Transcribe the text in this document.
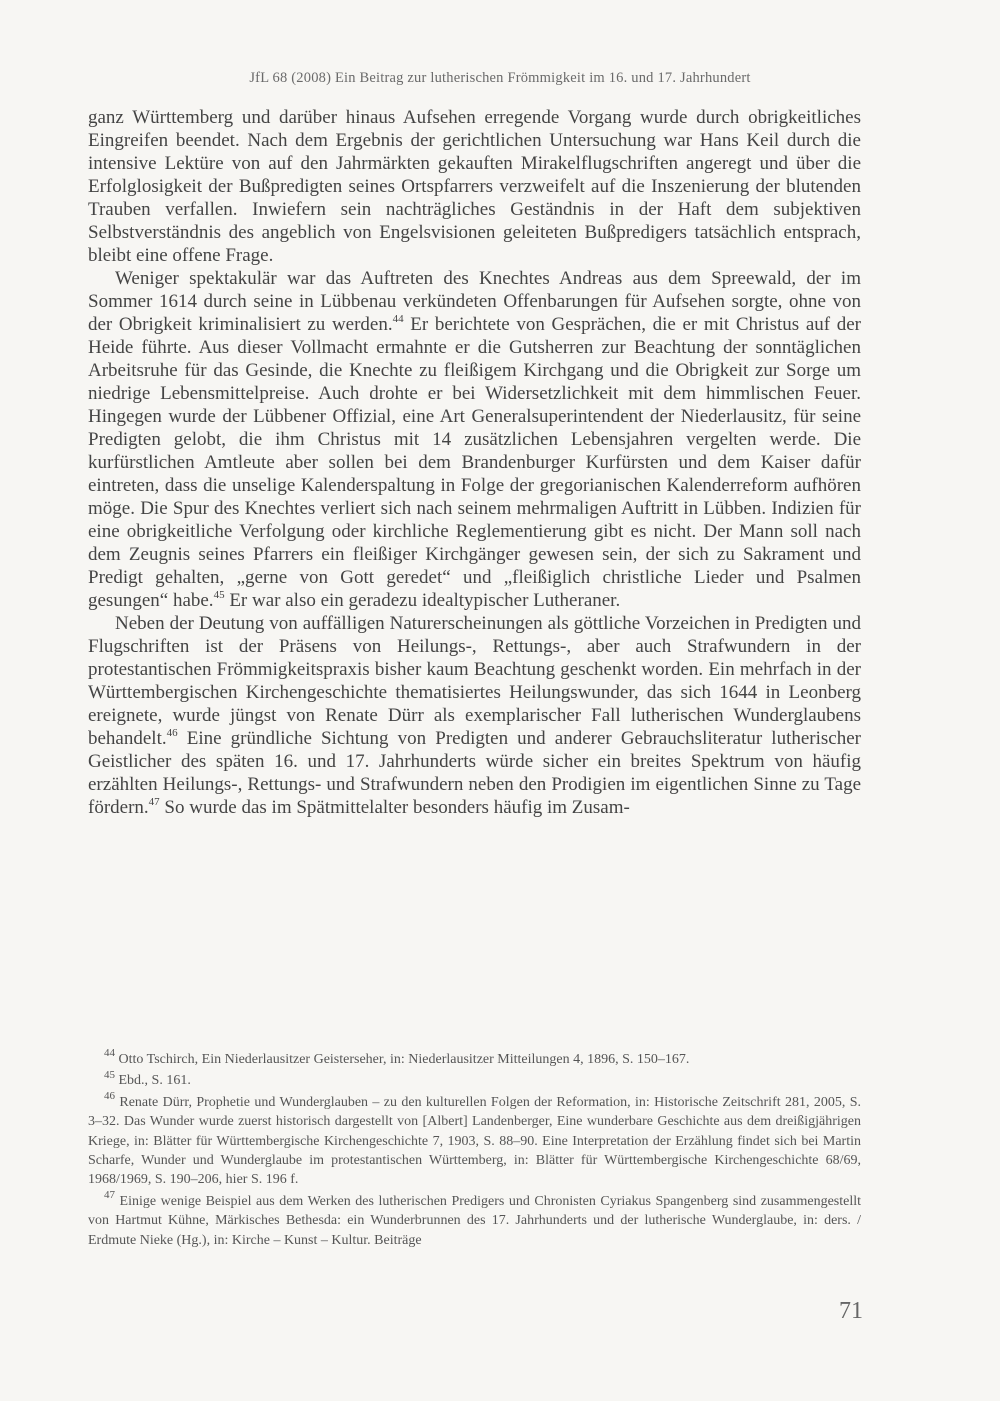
JfL 68 (2008) Ein Beitrag zur lutherischen Frömmigkeit im 16. und 17. Jahrhundert

ganz Württemberg und darüber hinaus Aufsehen erregende Vorgang wurde durch obrigkeitliches Eingreifen beendet. Nach dem Ergebnis der gerichtlichen Untersuchung war Hans Keil durch die intensive Lektüre von auf den Jahrmärkten gekauften Mirakelflugschriften angeregt und über die Erfolglosigkeit der Bußpredigten seines Ortspfarrers verzweifelt auf die Inszenierung der blutenden Trauben verfallen. Inwiefern sein nachträgliches Geständnis in der Haft dem subjektiven Selbstverständnis des angeblich von Engelsvisionen geleiteten Bußpredigers tatsächlich entsprach, bleibt eine offene Frage.

Weniger spektakulär war das Auftreten des Knechtes Andreas aus dem Spreewald, der im Sommer 1614 durch seine in Lübbenau verkündeten Offenbarungen für Aufsehen sorgte, ohne von der Obrigkeit kriminalisiert zu werden.$^{44}$ Er berichtete von Gesprächen, die er mit Christus auf der Heide führte. Aus dieser Vollmacht ermahnte er die Gutsherren zur Beachtung der sonntäglichen Arbeitsruhe für das Gesinde, die Knechte zu fleißigem Kirchgang und die Obrigkeit zur Sorge um niedrige Lebensmittelpreise. Auch drohte er bei Widersetzlichkeit mit dem himmlischen Feuer. Hingegen wurde der Lübbener Offizial, eine Art Generalsuperintendent der Niederlausitz, für seine Predigten gelobt, die ihm Christus mit 14 zusätzlichen Lebensjahren vergelten werde. Die kurfürstlichen Amtleute aber sollen bei dem Brandenburger Kurfürsten und dem Kaiser dafür eintreten, dass die unselige Kalenderspaltung in Folge der gregorianischen Kalenderreform aufhören möge. Die Spur des Knechtes verliert sich nach seinem mehrmaligen Auftritt in Lübben. Indizien für eine obrigkeitliche Verfolgung oder kirchliche Reglementierung gibt es nicht. Der Mann soll nach dem Zeugnis seines Pfarrers ein fleißiger Kirchgänger gewesen sein, der sich zu Sakrament und Predigt gehalten, „gerne von Gott geredet“ und „fleißiglich christliche Lieder und Psalmen gesungen“ habe.$^{45}$ Er war also ein geradezu idealtypischer Lutheraner.

Neben der Deutung von auffälligen Naturerscheinungen als göttliche Vorzeichen in Predigten und Flugschriften ist der Präsens von Heilungs-, Rettungs-, aber auch Strafwundern in der protestantischen Frömmigkeitspraxis bisher kaum Beachtung geschenkt worden. Ein mehrfach in der Württembergischen Kirchengeschichte thematisiertes Heilungswunder, das sich 1644 in Leonberg ereignete, wurde jüngst von Renate Dürr als exemplarischer Fall lutherischen Wunderglaubens behandelt.$^{46}$ Eine gründliche Sichtung von Predigten und anderer Gebrauchsliteratur lutherischer Geistlicher des späten 16. und 17. Jahrhunderts würde sicher ein breites Spektrum von häufig erzählten Heilungs-, Rettungs- und Strafwundern neben den Prodigien im eigentlichen Sinne zu Tage fördern.$^{47}$ So wurde das im Spätmittelalter besonders häufig im Zusam-

$^{44}$ Otto Tschirch, Ein Niederlausitzer Geisterseher, in: Niederlausitzer Mitteilungen 4, 1896, S. 150–167.

$^{45}$ Ebd., S. 161.

$^{46}$ Renate Dürr, Prophetie und Wunderglauben – zu den kulturellen Folgen der Reformation, in: Historische Zeitschrift 281, 2005, S. 3–32. Das Wunder wurde zuerst historisch dargestellt von [Albert] Landenberger, Eine wunderbare Geschichte aus dem dreißigjährigen Kriege, in: Blätter für Württembergische Kirchengeschichte 7, 1903, S. 88–90. Eine Interpretation der Erzählung findet sich bei Martin Scharfe, Wunder und Wunderglaube im protestantischen Württemberg, in: Blätter für Württembergische Kirchengeschichte 68/69, 1968/1969, S. 190–206, hier S. 196 f.

$^{47}$ Einige wenige Beispiel aus dem Werken des lutherischen Predigers und Chronisten Cyriakus Spangenberg sind zusammengestellt von Hartmut Kühne, Märkisches Bethesda: ein Wunderbrunnen des 17. Jahrhunderts und der lutherische Wunderglaube, in: ders. / Erdmute Nieke (Hg.), in: Kirche – Kunst – Kultur. Beiträge

71
